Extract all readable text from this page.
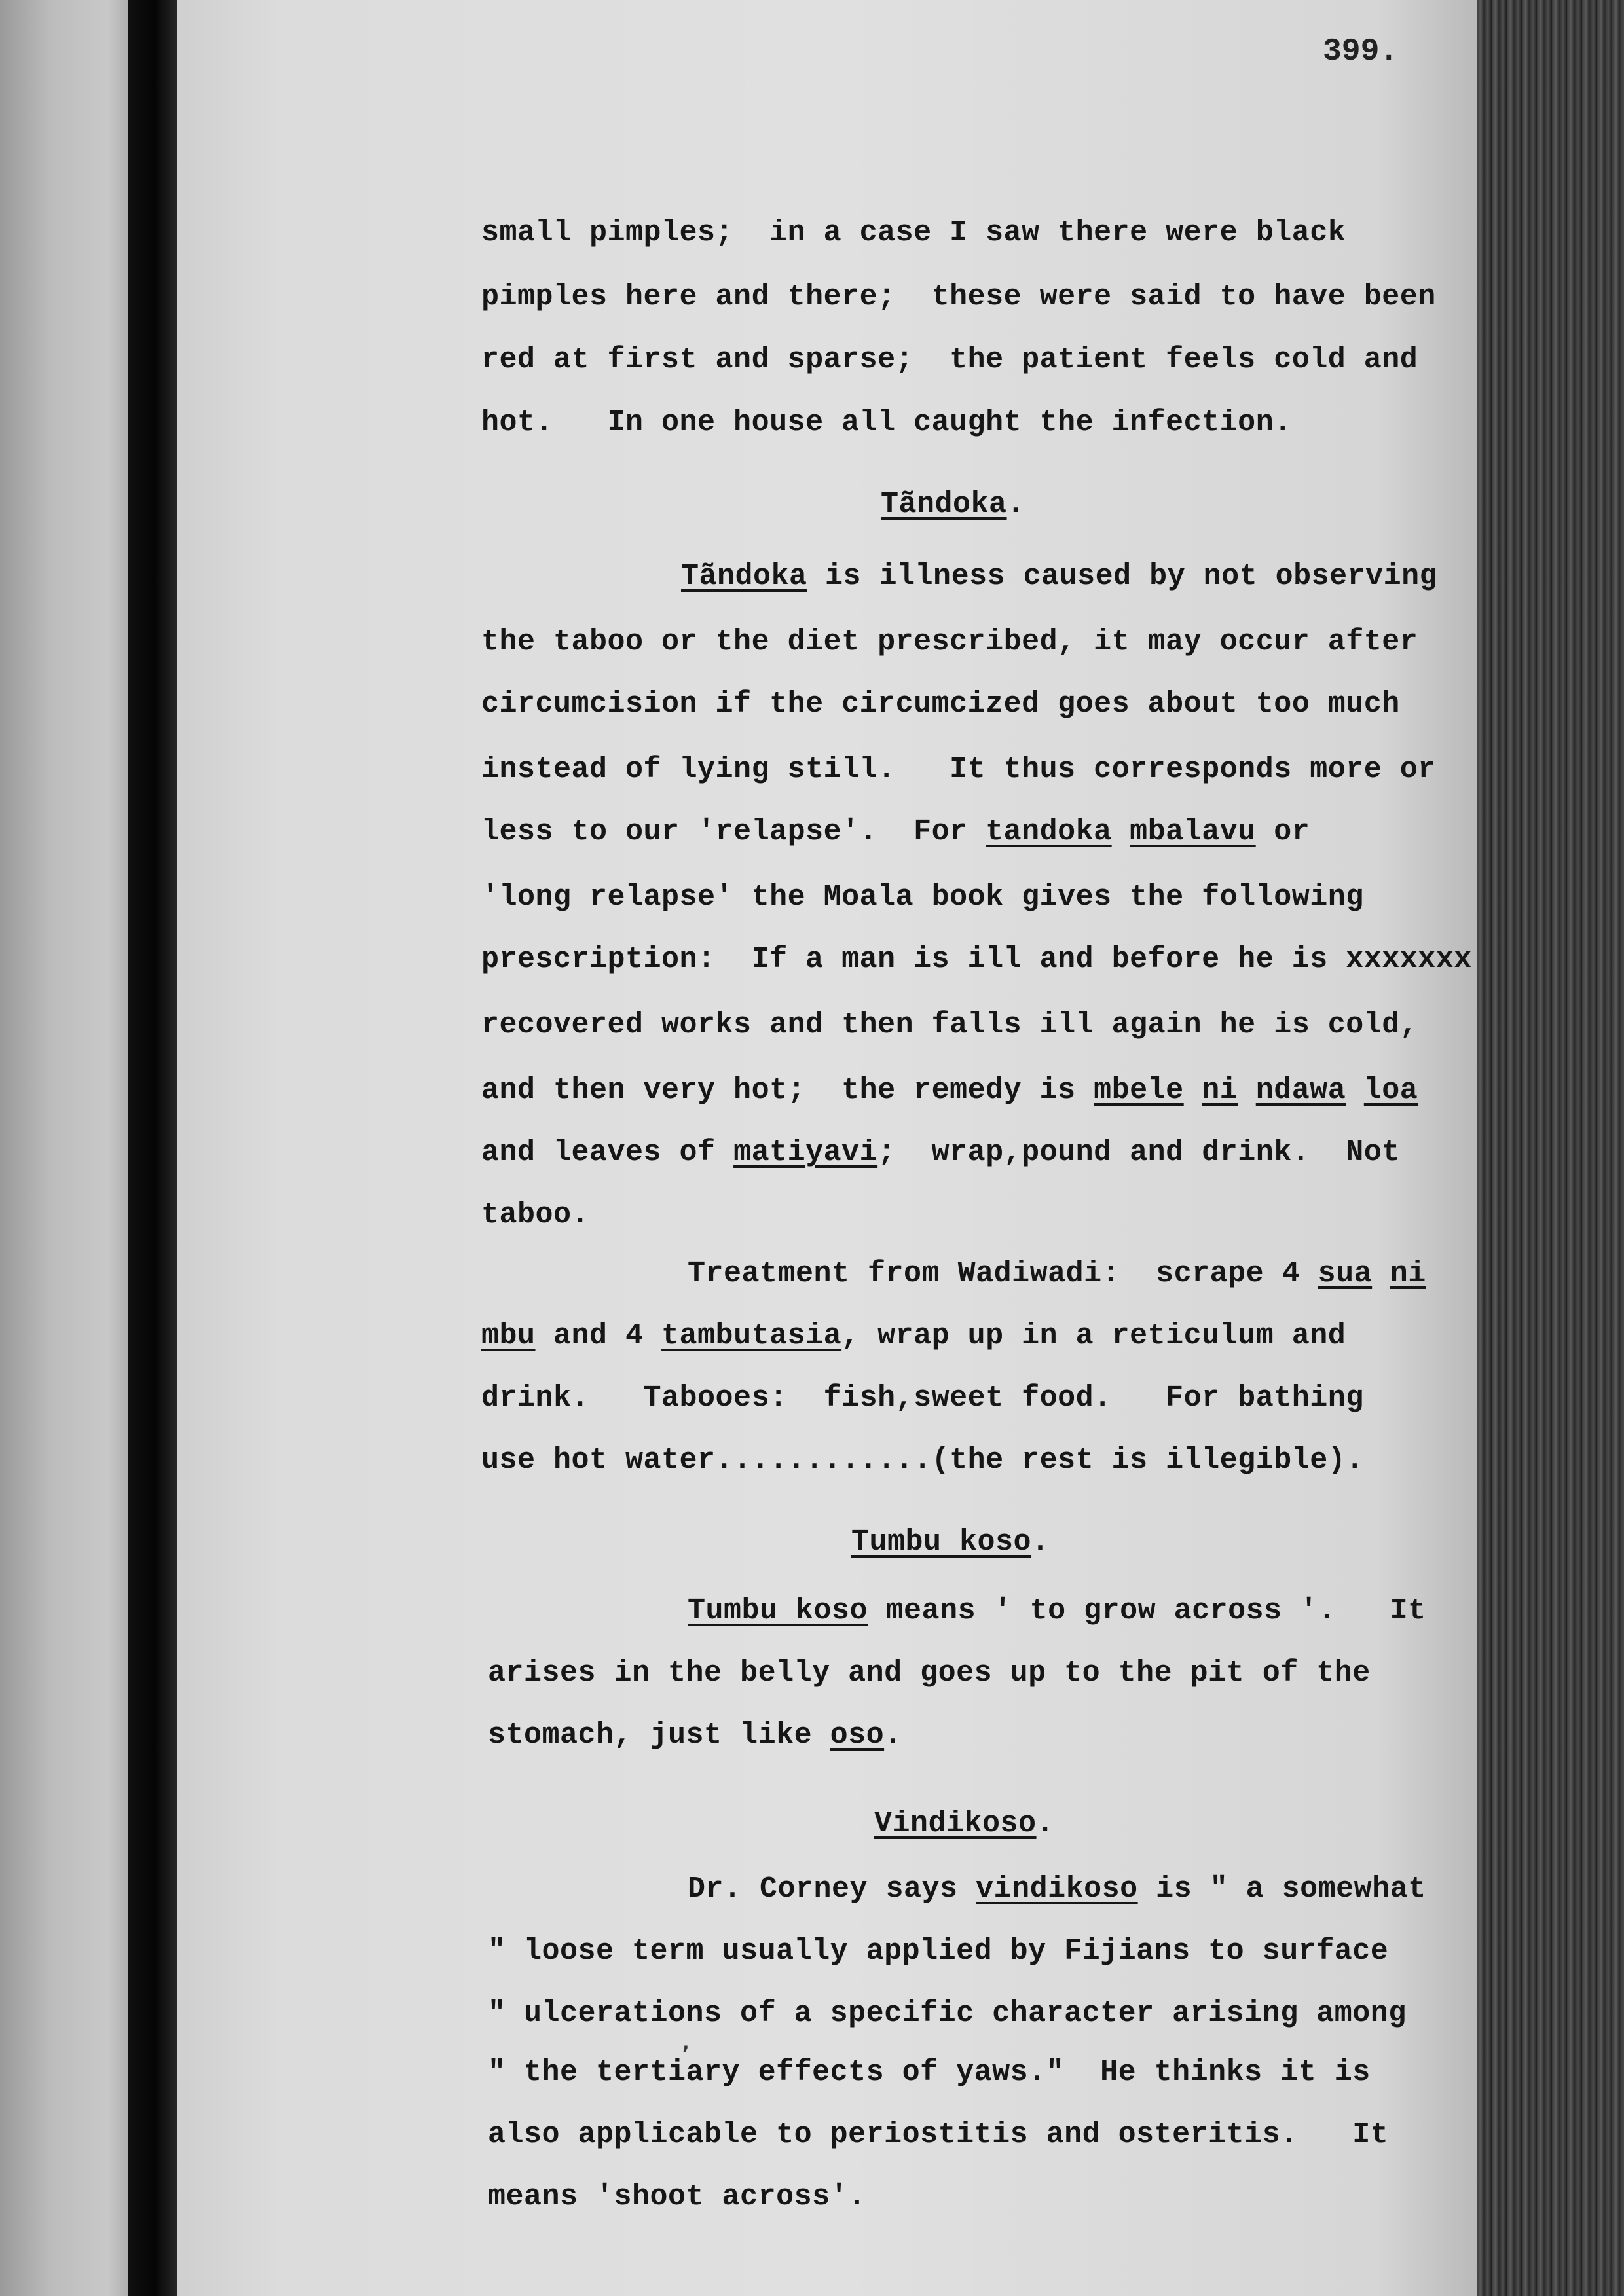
399.
small pimples;  in a case I saw there were black
pimples here and there;  these were said to have been
red at first and sparse;  the patient feels cold and
hot.   In one house all caught the infection.
Tãndoka.
Tãndoka is illness caused by not observing
the taboo or the diet prescribed, it may occur after
circumcision if the circumcized goes about too much
instead of lying still.   It thus corresponds more or
less to our 'relapse'.  For tandoka mbalavu or
'long relapse' the Moala book gives the following
prescription:  If a man is ill and before he is xxxxxxx
recovered works and then falls ill again he is cold,
and then very hot;  the remedy is mbele ni ndawa loa
and leaves of matiyavi;  wrap,pound and drink.  Not
taboo.
Treatment from Wadiwadi:  scrape 4 sua ni
mbu and 4 tambutasia, wrap up in a reticulum and
drink.   Tabooes:  fish,sweet food.   For bathing
use hot water............(the rest is illegible).
Tumbu koso.
Tumbu koso means ' to grow across '.   It
arises in the belly and goes up to the pit of the
stomach, just like oso.
Vindikoso.
Dr. Corney says vindikoso is " a somewhat
" loose term usually applied by Fijians to surface
" ulcerations of a specific character arising among
" the tertiary effects of yaws."  He thinks it is
also applicable to periostitis and osteritis.   It
means 'shoot across'.
,
